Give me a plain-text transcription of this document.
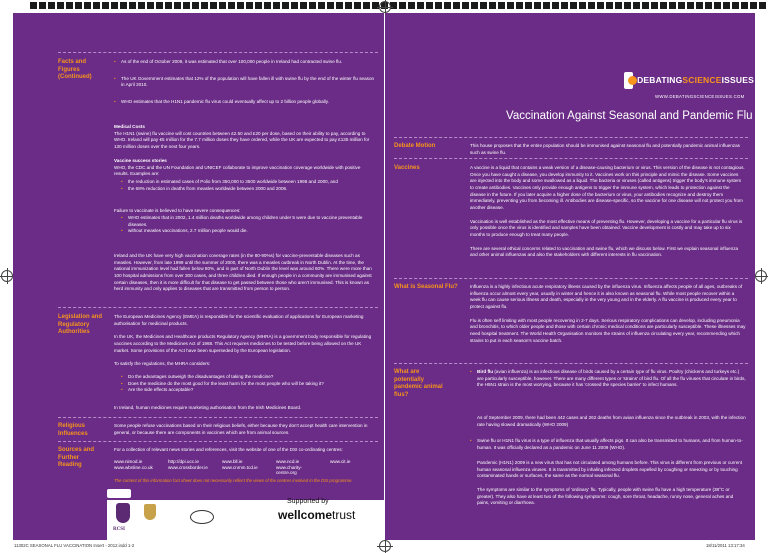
Facts and Figures (Continued)
• As of the end of October 2009, it was estimated that over 100,000 people in Ireland had contracted swine flu.
• The UK Government estimates that 12% of the population will have fallen ill with swine flu by the end of the winter flu season in April 2010.
• WHO estimates that the H1N1 pandemic flu virus could eventually affect up to 2 billion people globally.

Medical Costs
The H1N1 (swine) flu vaccine will cost countries between £2.50 and £20 per dose, based on their ability to pay, according to WHO. Ireland will pay €5 million for the 7.7 million doses they have ordered, while the UK are expected to pay £135 million for 130 million doses over the next four years.

Vaccine success stories
WHO, the CDC and the UN Foundation and UNICEF collaborate to improve vaccination coverage worldwide with positive results. Examples are:

• the reduction in estimated cases of Polio from 350,000 to 3500 worldwide between 1998 and 2000, and
• the 68% reduction in deaths from measles worldwide between 2000 and 2006.
Failure to vaccinate is believed to have severe consequences:
• WHO estimates that in 2002, 1.4 million deaths worldwide among children under 5 were due to vaccine preventable diseases.
• without measles vaccinations, 2.7 million people would die.
Ireland and the UK have very high vaccination coverage rates (in the 80-90%s) for vaccine-preventable diseases such as measles. However, from late 1999 until the summer of 2000, there was a measles outbreak in North Dublin. At the time, the national immunization level had fallen below 80%, and in part of North Dublin the level was around 60%. There were more than 100 hospital admissions from over 300 cases, and three children died. If enough people in a community are immunised against certain diseases, then it is more difficult for that disease to get passed between those who aren't immunised. This is known as herd immunity and only applies to diseases that are transmitted from person to person.
Legislation and Regulatory Authorities

The European Medicines Agency (EMEA) is responsible for the scientific evaluation of applications for European marketing authorisation for medicinal products.

In the UK, the Medicines and Healthcare products Regulatory Agency (MHRA) is a government body responsible for regulating vaccines according to the Medicines Act of 1968. This Act requires medicines to be tested before being allowed on the UK market. Some provisions of the Act have been superseded by the European legislation.

To satisfy the regulations, the MHRA considers:

• Do the advantages outweigh the disadvantages of taking the medicine?
• Does the medicine do the most good for the least harm for the most people who will be taking it?
• Are the side effects acceptable?
In Ireland, human medicines require marketing authorisation from the Irish Medicines Board.
Religious Influences
Some people refuse vaccinations based on their religious beliefs, either because they don't accept health care intervention in general, or because there are components in vaccines which are from animal sources.
Sources and Further Reading
For a collection of relevant news stories and references, visit the website of one of the DSI co-ordinating centres:
www.nimod.ie	http://dpi.ucc.ie	www.bll.ie	www.ncd.ie	www.cit.ie
www.wbnline.co.uk	www.crossborder.ie	www.cnmm.tcd.ie	www.charity-centre.org
The content of this information fact sheet does not necessarily reflect the views of the centres involved in the DSI programme.
RCSI
Supported by
wellcometrust
11302C SEASONAL FLU VACCINATION Insert - 2012.indd 1-2	18/11/2011 13:17:34
DEBATINGSCIENCEISSUES
WWW.DEBATINGSCIENCEISSUES.COM
Vaccination Against Seasonal and Pandemic Flu
Debate Motion	This house proposes that the entire population should be immunised against seasonal flu and potentially pandemic animal influenzas such as swine flu.
Vaccines	A vaccine is a liquid that contains a weak version of a disease-causing bacterium or virus. This version of the disease is not contagious. Once you have caught a disease, you develop immunity to it. Vaccines work on this principle and mimic the disease. Some vaccines are injected into the body and some swallowed as a liquid. The bacteria or viruses (called antigens) trigger the body's immune system to create antibodies. Vaccines only provide enough antigens to trigger the immune system, which leads to protection against the disease in the future. If you later acquire a higher dose of the bacterium or virus, your antibodies recognize and destroy them immediately, preventing you from becoming ill. Antibodies are disease-specific, so the vaccine for one disease will not protect you from another disease.

Vaccination is well established as the most effective means of preventing flu. However, developing a vaccine for a particular flu virus is only possible once the virus is identified and samples have been obtained. Vaccine development is costly and may take up to six months to produce enough to treat many people.

There are several ethical concerns related to vaccination and swine flu, which we discuss below. First we explain seasonal influenza and other animal influenzas and also the stakeholders with different interests in flu vaccination.

What is Seasonal Flu?	Influenza is a highly infectious acute respiratory illness caused by the influenza virus. Influenza affects people of all ages, outbreaks of influenza occur almost every year, usually in winter and hence it is also known as seasonal flu. While most people recover within a week flu can cause serious illness and death, especially in the very young and in the elderly. A flu vaccine is produced every year to protect against flu.

Flu is often self limiting with most people recovering in 2-7 days. Serious respiratory complications can develop, including pneumonia and bronchitis, to which older people and those with certain chronic medical conditions are particularly susceptible. These illnesses may need hospital treatment. The World Health Organisation monitors the strains of influenza circulating every year, recommending which strains to put in each season's vaccine batch.

What are potentially pandemic animal flus?
• Bird flu (avian influenza) is an infectious disease of birds caused by a certain type of flu virus. Poultry (chickens and turkeys etc.) are particularly susceptible, however. There are many different types or 'strains' of bird flu. Of all the flu viruses that circulate in birds, the H5N1 strain is the most worrying, because it has 'crossed the species barrier' to infect humans.
As of September 2009, there had been 442 cases and 262 deaths from avian influenza since the outbreak in 2003, with the infection rate having slowed dramatically (WHO 2009)
• Swine flu or H1N1 flu virus is a type of influenza that usually affects pigs. It can also be transmitted to humans, and from human-to-human. It was officially declared as a pandemic on June 11 2009 (WHO).

Pandemic (H1N1) 2009 is a new virus that has not circulated among humans before. This virus is different from previous or current human seasonal influenza viruses. It is transmitted by inhaling infected droplets expelled by coughing or sneezing or by touching contaminated hands or surfaces, the same as the normal seasonal flu.

The symptoms are similar to the symptoms of 'ordinary' flu. Typically, people with swine flu have a high temperature (38°C or greater). They also have at least two of the following symptoms: cough, sore throat, headache, runny nose, general aches and pains, vomiting or diarrhoea.
